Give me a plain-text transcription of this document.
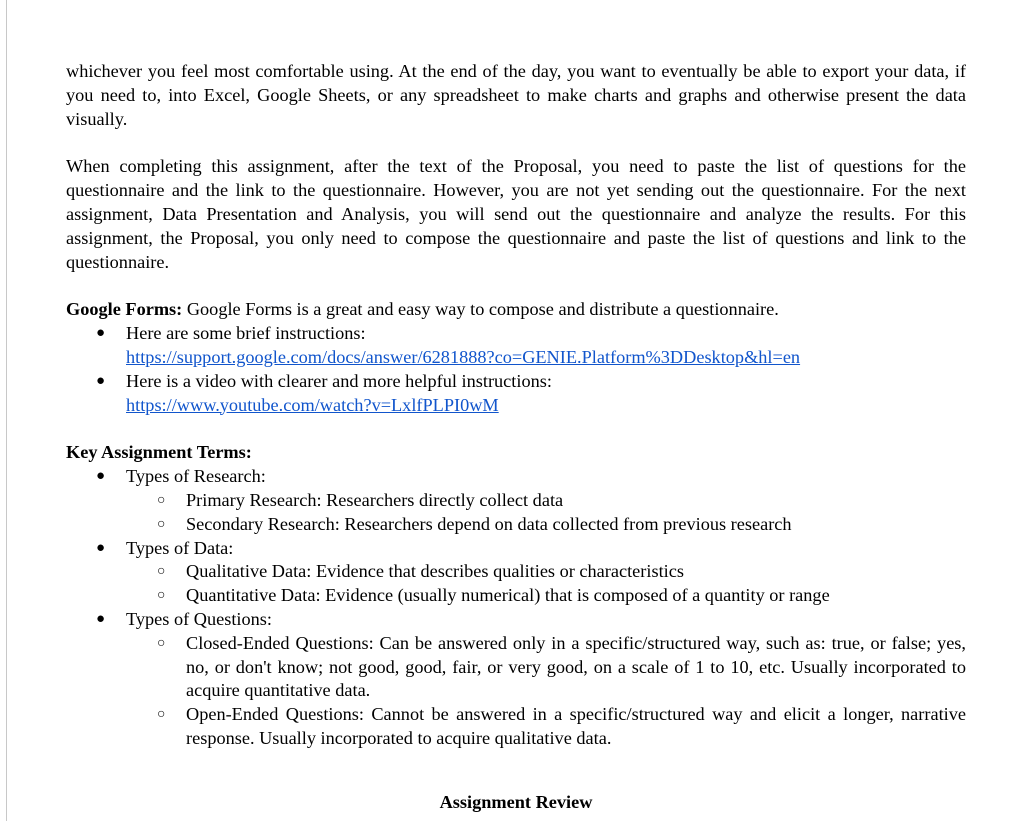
whichever you feel most comfortable using. At the end of the day, you want to eventually be able to export your data, if you need to, into Excel, Google Sheets, or any spreadsheet to make charts and graphs and otherwise present the data visually.

When completing this assignment, after the text of the Proposal, you need to paste the list of questions for the questionnaire and the link to the questionnaire. However, you are not yet sending out the questionnaire. For the next assignment, Data Presentation and Analysis, you will send out the questionnaire and analyze the results. For this assignment, the Proposal, you only need to compose the questionnaire and paste the list of questions and link to the questionnaire.

Google Forms: Google Forms is a great and easy way to compose and distribute a questionnaire.

● Here are some brief instructions:
https://support.google.com/docs/answer/6281888?co=GENIE.Platform%3DDesktop&hl=en
● Here is a video with clearer and more helpful instructions:
https://www.youtube.com/watch?v=LxlfPLPI0wM

Key Assignment Terms:

● Types of Research:
○ Primary Research: Researchers directly collect data
○ Secondary Research: Researchers depend on data collected from previous research
● Types of Data:
○ Qualitative Data: Evidence that describes qualities or characteristics
○ Quantitative Data: Evidence (usually numerical) that is composed of a quantity or range
● Types of Questions:
○ Closed-Ended Questions: Can be answered only in a specific/structured way, such as: true, or false; yes, no, or don't know; not good, good, fair, or very good, on a scale of 1 to 10, etc. Usually incorporated to acquire quantitative data.
○ Open-Ended Questions: Cannot be answered in a specific/structured way and elicit a longer, narrative response. Usually incorporated to acquire qualitative data.

Assignment Review
